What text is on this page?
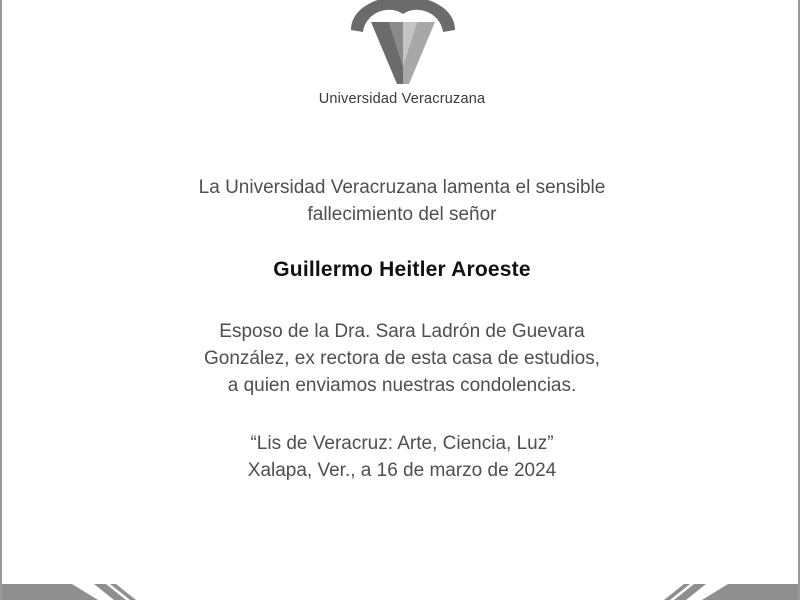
Universidad Veracruzana
La Universidad Veracruzana lamenta el sensible
fallecimiento del señor
Guillermo Heitler Aroeste
Esposo de la Dra. Sara Ladrón de Guevara
González, ex rectora de esta casa de estudios,
a quien enviamos nuestras condolencias.
“Lis de Veracruz: Arte, Ciencia, Luz”
Xalapa, Ver., a 16 de marzo de 2024
